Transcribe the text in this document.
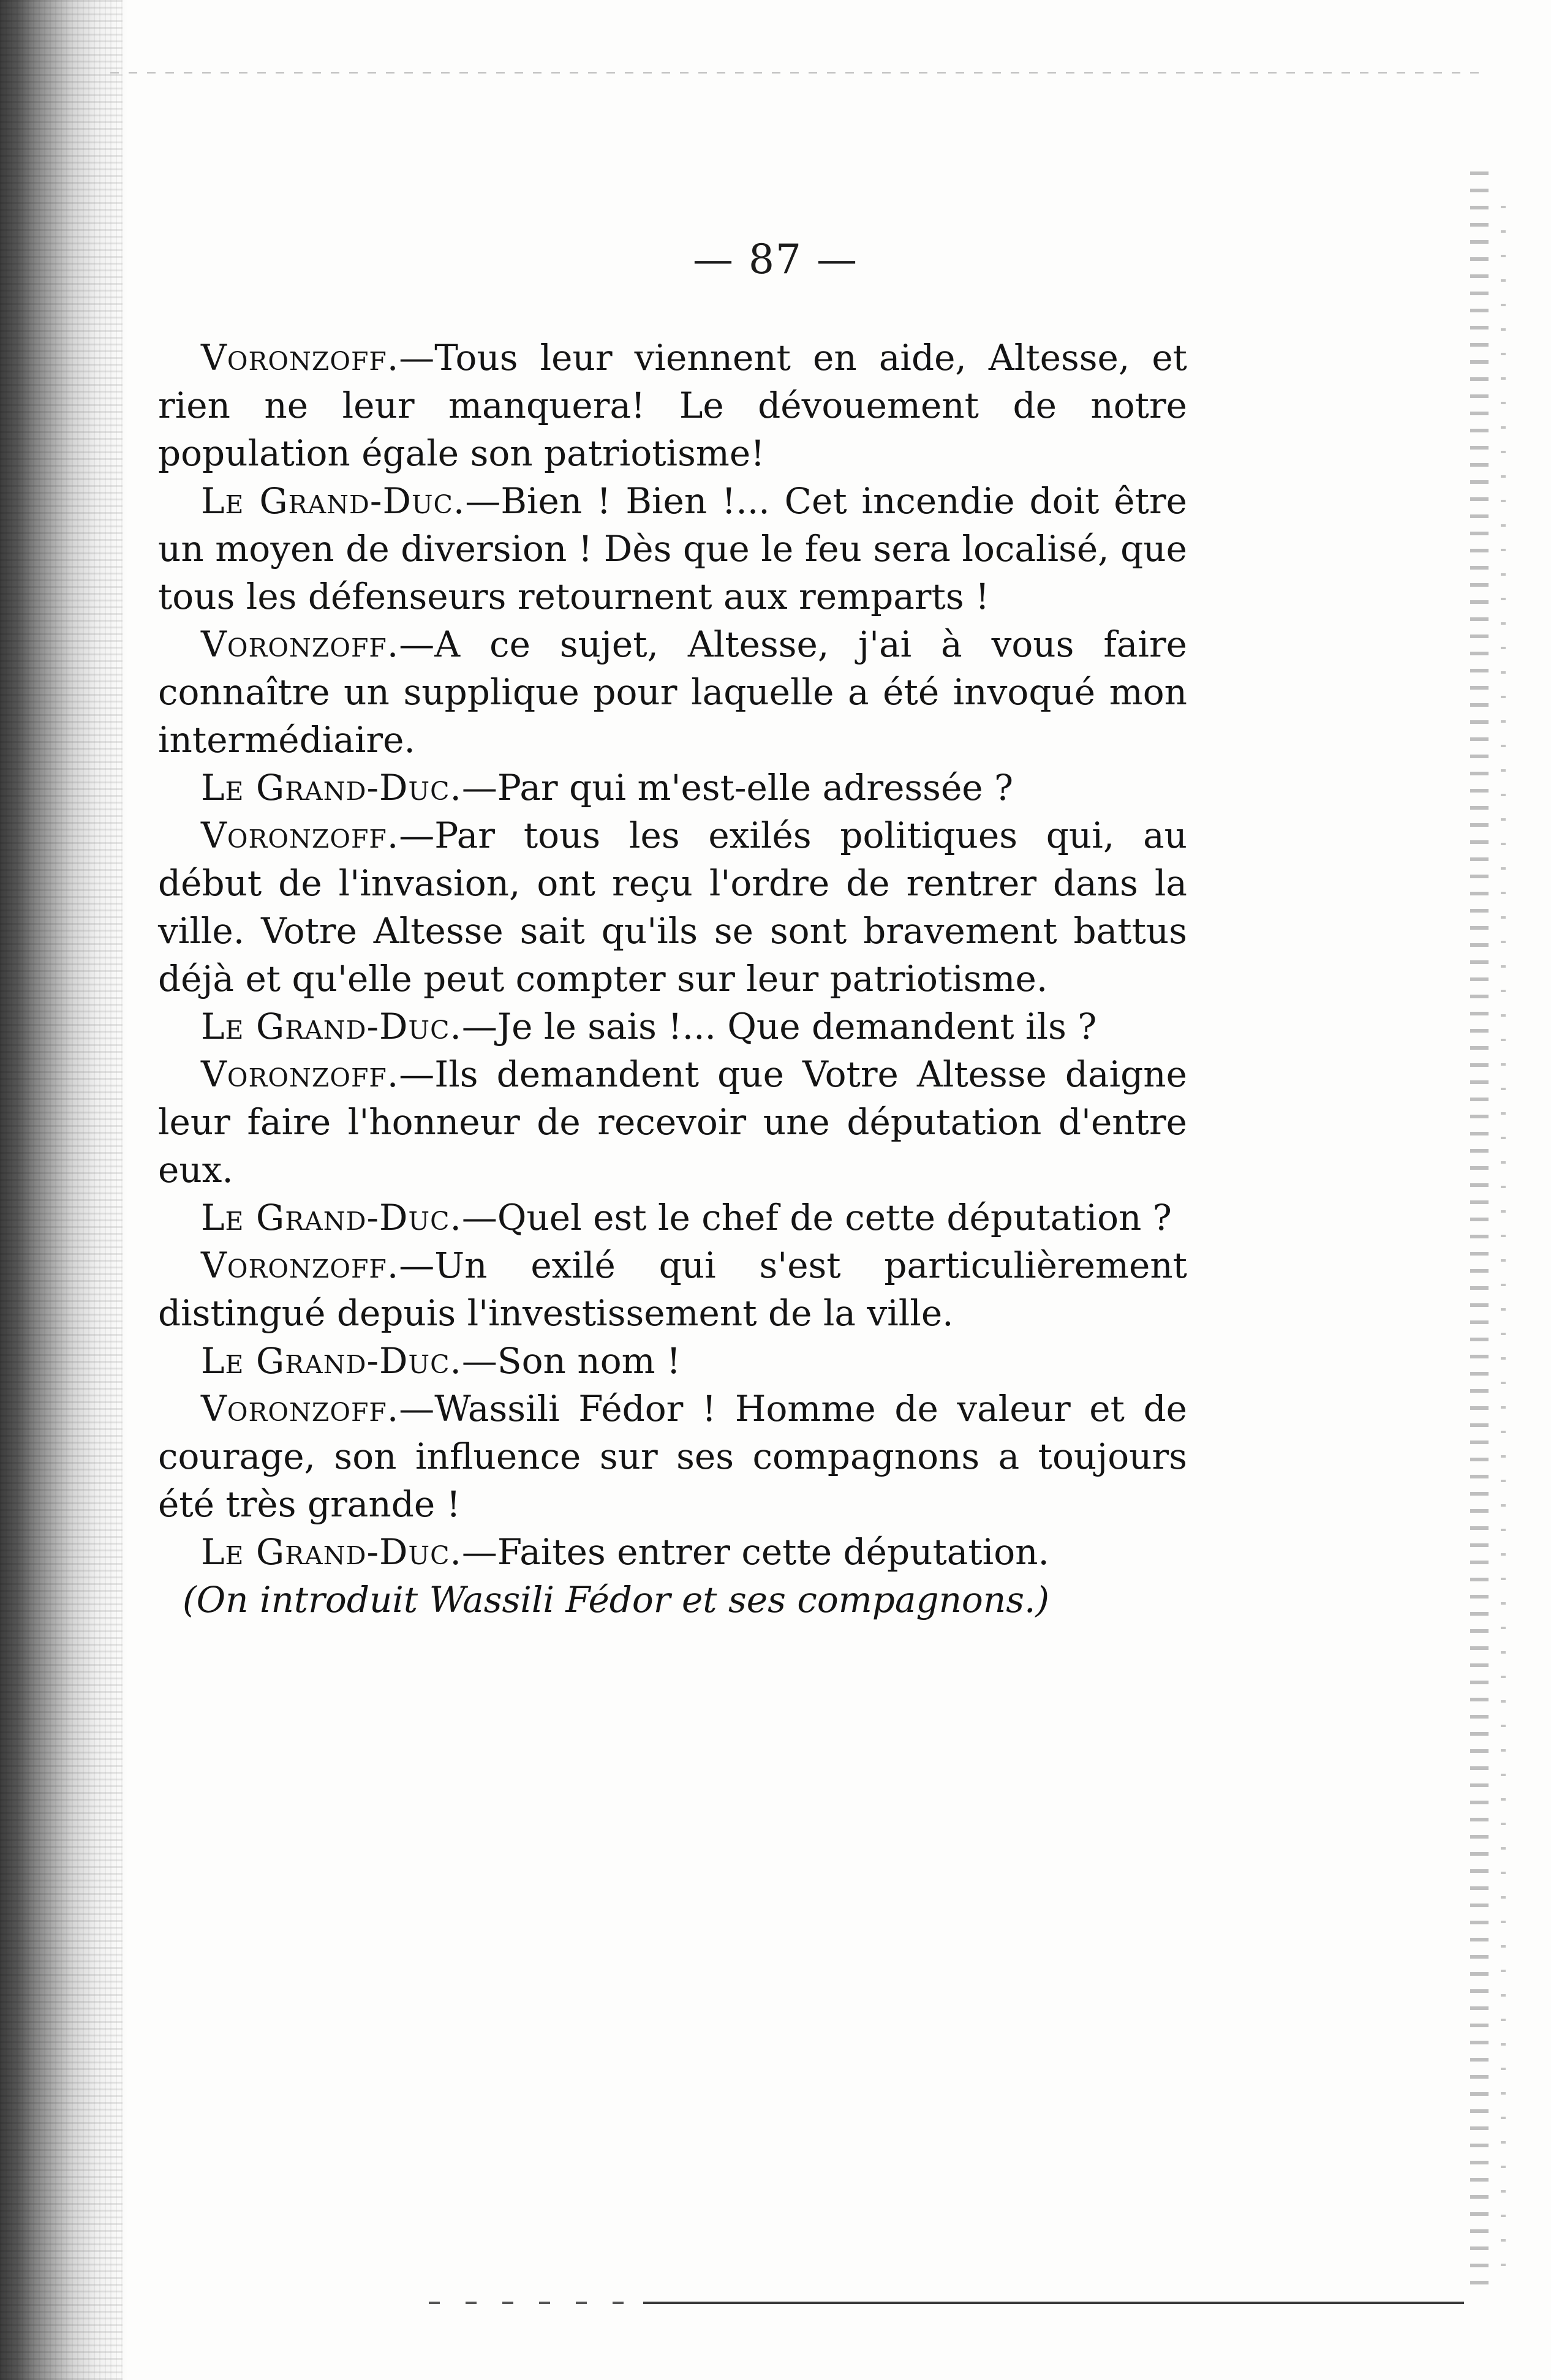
— 87 —

Voronzoff.—Tous leur viennent en aide, Altesse, et rien ne leur manquera! Le dévouement de notre population égale son patriotisme!

Le Grand-Duc.—Bien ! Bien !... Cet incendie doit être un moyen de diversion ! Dès que le feu sera localisé, que tous les défenseurs retournent aux remparts !

Voronzoff.—A ce sujet, Altesse, j'ai à vous faire connaître un supplique pour laquelle a été invoqué mon intermédiaire.

Le Grand-Duc.—Par qui m'est-elle adressée ?

Voronzoff.—Par tous les exilés politiques qui, au début de l'invasion, ont reçu l'ordre de rentrer dans la ville. Votre Altesse sait qu'ils se sont bravement battus déjà et qu'elle peut compter sur leur patriotisme.

Le Grand-Duc.—Je le sais !... Que demandent ils ?

Voronzoff.—Ils demandent que Votre Altesse daigne leur faire l'honneur de recevoir une députation d'entre eux.

Le Grand-Duc.—Quel est le chef de cette députation ?

Voronzoff.—Un exilé qui s'est particulièrement distingué depuis l'investissement de la ville.

Le Grand-Duc.—Son nom !

Voronzoff.—Wassili Fédor ! Homme de valeur et de courage, son influence sur ses compagnons a toujours été très grande !

Le Grand-Duc.—Faites entrer cette députation.

(On introduit Wassili Fédor et ses compagnons.)
